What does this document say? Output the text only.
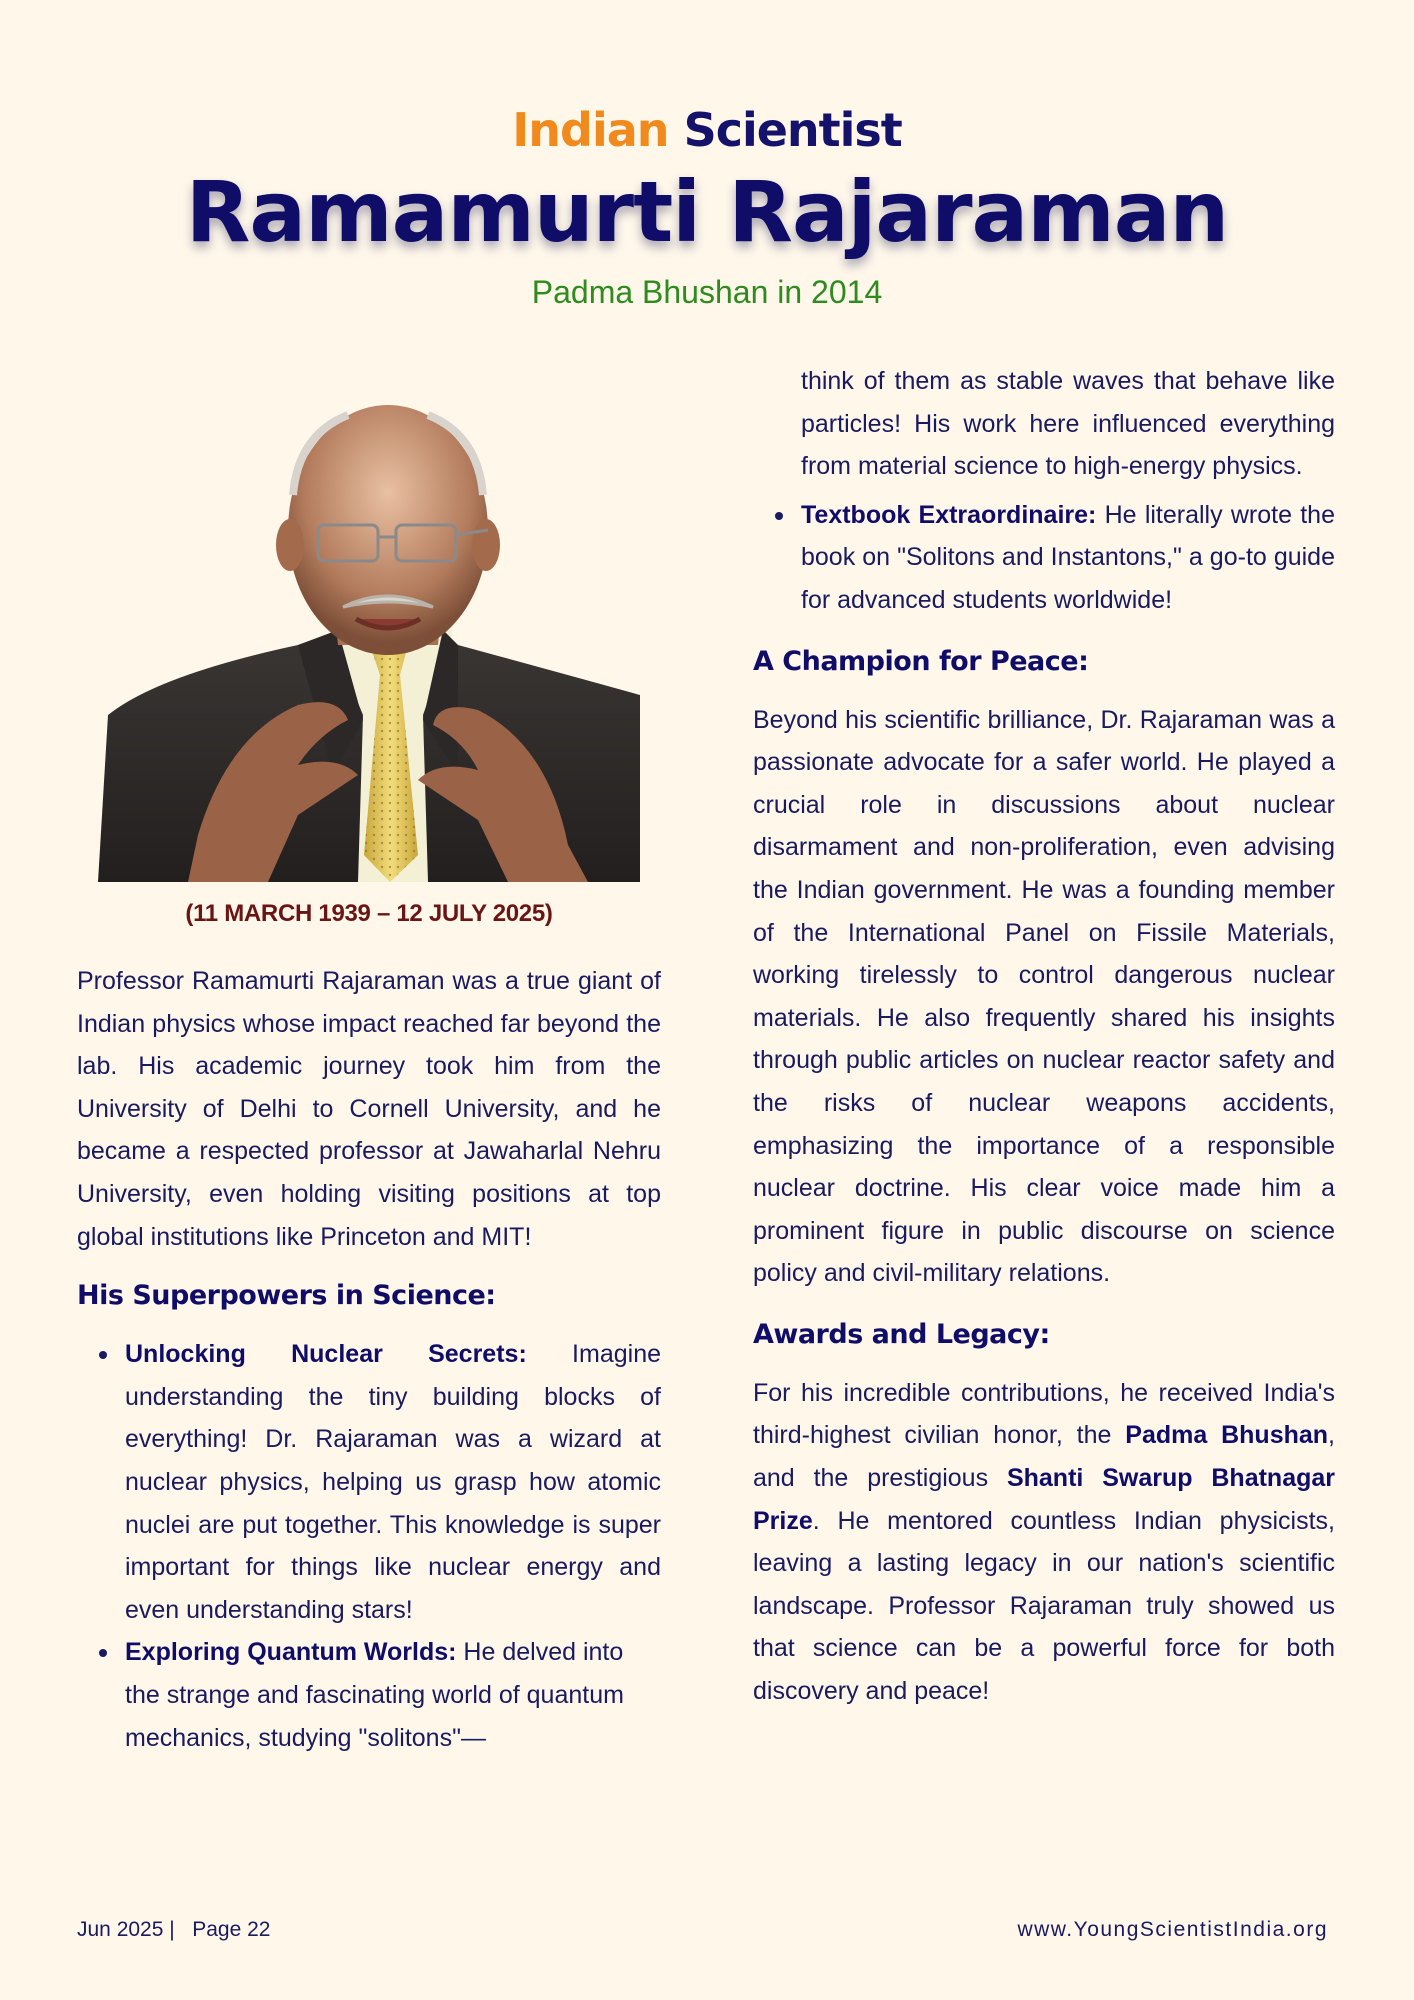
Indian Scientist
Ramamurti Rajaraman
Padma Bhushan in 2014
(11 MARCH 1939 – 12 JULY 2025)

Professor Ramamurti Rajaraman was a true giant of Indian physics whose impact reached far beyond the lab. His academic journey took him from the University of Delhi to Cornell University, and he became a respected professor at Jawaharlal Nehru University, even holding visiting positions at top global institutions like Princeton and MIT!

His Superpowers in Science:
Unlocking Nuclear Secrets: Imagine understanding the tiny building blocks of everything! Dr. Rajaraman was a wizard at nuclear physics, helping us grasp how atomic nuclei are put together. This knowledge is super important for things like nuclear energy and even understanding stars!
Exploring Quantum Worlds: He delved into the strange and fascinating world of quantum mechanics, studying "solitons"—

think of them as stable waves that behave like particles! His work here influenced everything from material science to high-energy physics.

Textbook Extraordinaire: He literally wrote the book on "Solitons and Instantons," a go-to guide for advanced students worldwide!
A Champion for Peace:

Beyond his scientific brilliance, Dr. Rajaraman was a passionate advocate for a safer world. He played a crucial role in discussions about nuclear disarmament and non-proliferation, even advising the Indian government. He was a founding member of the International Panel on Fissile Materials, working tirelessly to control dangerous nuclear materials. He also frequently shared his insights through public articles on nuclear reactor safety and the risks of nuclear weapons accidents, emphasizing the importance of a responsible nuclear doctrine. His clear voice made him a prominent figure in public discourse on science policy and civil-military relations.

Awards and Legacy:

For his incredible contributions, he received India's third-highest civilian honor, the Padma Bhushan, and the prestigious Shanti Swarup Bhatnagar Prize. He mentored countless Indian physicists, leaving a lasting legacy in our nation's scientific landscape. Professor Rajaraman truly showed us that science can be a powerful force for both discovery and peace!

Jun 2025 | Page 22	www.YoungScientistIndia.org
